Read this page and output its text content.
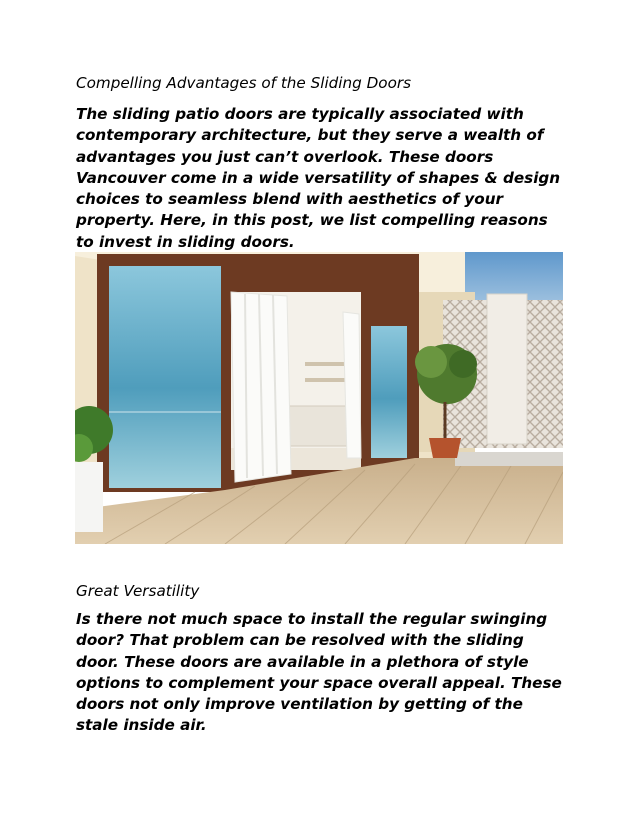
Compelling Advantages of the Sliding Doors

The sliding patio doors are typically associated with contemporary architecture, but they serve a wealth of advantages you just can’t overlook. These doors Vancouver come in a wide versatility of shapes & design choices to seamless blend with aesthetics of your property. Here, in this post, we list compelling reasons to invest in sliding doors.

Great Versatility

Is there not much space to install the regular swinging door? That problem can be resolved with the sliding door. These doors are available in a plethora of style options to complement your space overall appeal. These doors not only improve ventilation by getting of the stale inside air.
